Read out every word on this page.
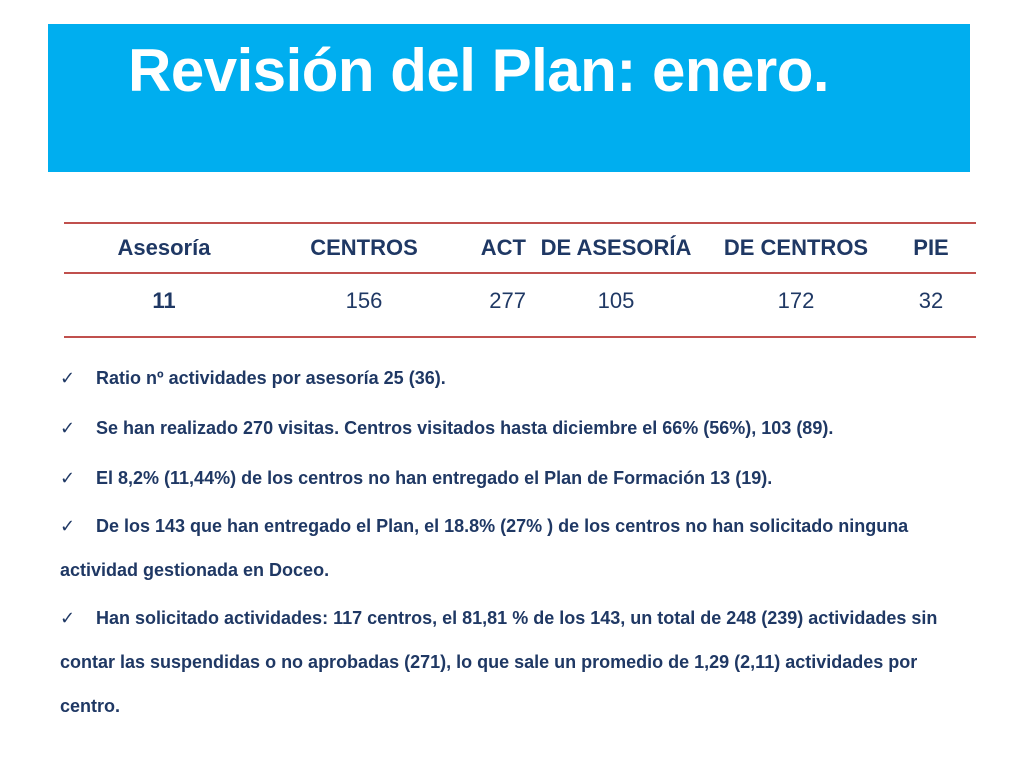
Revisión del Plan: enero.
Asesoría	CENTROS	ACT	DE ASESORÍA	DE CENTROS	PIE
11	156	277	105	172	32
✓ Ratio nº actividades por asesoría 25 (36).
✓ Se han realizado 270 visitas. Centros visitados hasta diciembre el 66% (56%), 103 (89).
✓ El 8,2% (11,44%) de los centros no han entregado el Plan de Formación 13 (19).
✓ De los 143 que han entregado el Plan, el 18.8% (27% ) de los centros no han solicitado ninguna actividad gestionada en Doceo.
✓ Han solicitado actividades: 117 centros, el 81,81 % de los 143, un total de 248 (239) actividades sin contar las suspendidas o no aprobadas (271), lo que sale un promedio de 1,29 (2,11) actividades por centro.
